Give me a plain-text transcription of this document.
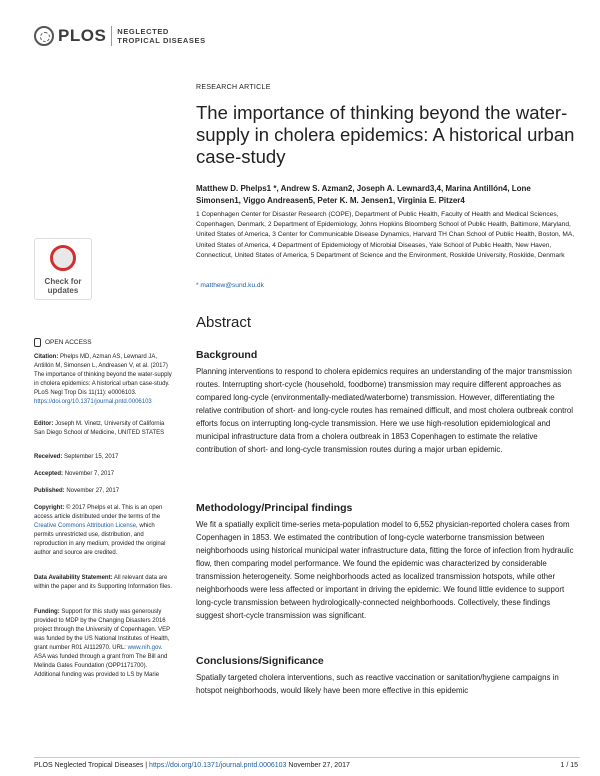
PLOS NEGLECTED
TROPICAL DISEASES
RESEARCH ARTICLE
The importance of thinking beyond the water-supply in cholera epidemics: A historical urban case-study
Matthew D. Phelps1 *, Andrew S. Azman2, Joseph A. Lewnard3,4, Marina Antillón4, Lone Simonsen1, Viggo Andreasen5, Peter K. M. Jensen1, Virginia E. Pitzer4
1 Copenhagen Center for Disaster Research (COPE), Department of Public Health, Faculty of Health and Medical Sciences, Copenhagen, Denmark, 2 Department of Epidemiology, Johns Hopkins Bloomberg School of Public Health, Baltimore, Maryland, United States of America, 3 Center for Communicable Disease Dynamics, Harvard TH Chan School of Public Health, Boston, MA, United States of America, 4 Department of Epidemiology of Microbial Diseases, Yale School of Public Health, New Haven, Connecticut, United States of America, 5 Department of Science and the Environment, Roskilde University, Roskilde, Denmark
* matthew@sund.ku.dk
Check for updates
OPEN ACCESS
Citation: Phelps MD, Azman AS, Lewnard JA, Antillón M, Simonsen L, Andreasen V, et al. (2017) The importance of thinking beyond the water-supply in cholera epidemics: A historical urban case-study. PLoS Negl Trop Dis 11(11): e0006103. https://doi.org/10.1371/journal.pntd.0006103
Editor: Joseph M. Vinetz, University of California San Diego School of Medicine, UNITED STATES
Received: September 15, 2017
Accepted: November 7, 2017
Published: November 27, 2017
Copyright: © 2017 Phelps et al. This is an open access article distributed under the terms of the Creative Commons Attribution License, which permits unrestricted use, distribution, and reproduction in any medium, provided the original author and source are credited.
Data Availability Statement: All relevant data are within the paper and its Supporting Information files.
Funding: Support for this study was generously provided to MDP by the Changing Disasters 2016 project through the University of Copenhagen. VEP was funded by the US National Institutes of Health, grant number R01 AI112970. URL: www.nih.gov. ASA was funded through a grant from The Bill and Melinda Gates Foundation (OPP1171700). Additional funding was provided to LS by Marie
Abstract
Background
Planning interventions to respond to cholera epidemics requires an understanding of the major transmission routes. Interrupting short-cycle (household, foodborne) transmission may require different approaches as compared long-cycle (environmentally-mediated/waterborne) transmission. However, differentiating the relative contribution of short- and long-cycle routes has remained difficult, and most cholera outbreak control efforts focus on interrupting long-cycle transmission. Here we use high-resolution epidemiological and municipal infrastructure data from a cholera outbreak in 1853 Copenhagen to estimate the relative contribution of short- and long-cycle transmission routes during a major urban epidemic.
Methodology/Principal findings
We fit a spatially explicit time-series meta-population model to 6,552 physician-reported cholera cases from Copenhagen in 1853. We estimated the contribution of long-cycle waterborne transmission between neighborhoods using historical municipal water infrastructure data, fitting the force of infection from hydraulic flow, then comparing model performance. We found the epidemic was characterized by considerable transmission heterogeneity. Some neighborhoods acted as localized transmission hotspots, while other neighborhoods were less affected or important in driving the epidemic. We found little evidence to support long-cycle transmission between hydrologically-connected neighborhoods. Collectively, these findings suggest short-cycle transmission was significant.
Conclusions/Significance
Spatially targeted cholera interventions, such as reactive vaccination or sanitation/hygiene campaigns in hotspot neighborhoods, would likely have been more effective in this epidemic
PLOS Neglected Tropical Diseases | https://doi.org/10.1371/journal.pntd.0006103 November 27, 2017	1 / 15
